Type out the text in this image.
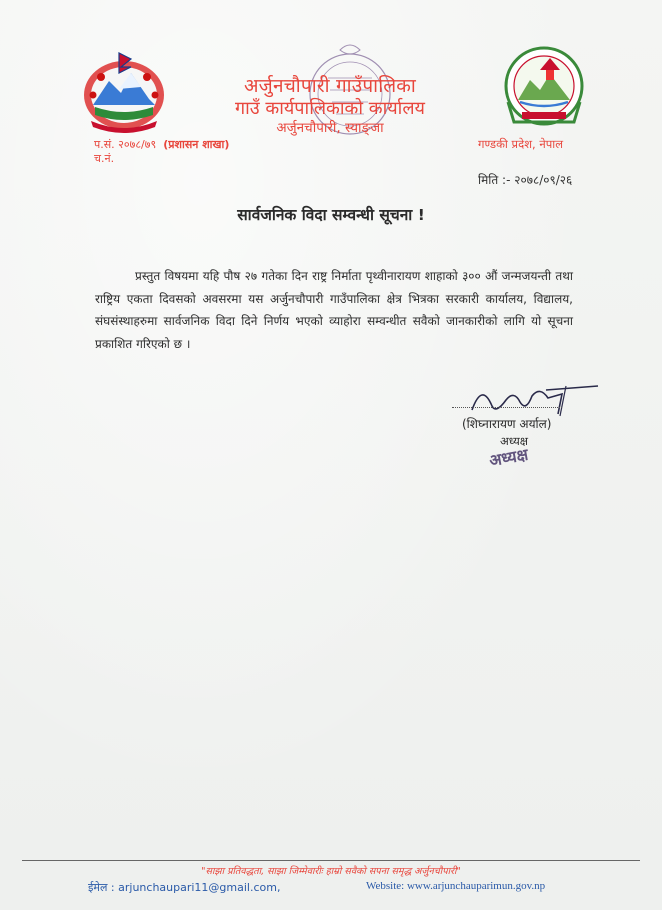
अर्जुनचौपारी गाउँपालिका
गाउँ कार्यपालिकाको कार्यालय
अर्जुनचौपारी, स्याङ्जा
प.सं. २०७८/७९ (प्रशासन शाखा)
च.नं.
गण्डकी प्रदेश, नेपाल
मिति :- २०७८/०९/२६
सार्वजनिक विदा सम्वन्धी सूचना !
प्रस्तुत विषयमा यहि पौष २७ गतेका दिन राष्ट्र निर्माता पृथ्वीनारायण शाहाको ३०० औं जन्मजयन्ती तथा राष्ट्रिय एकता दिवसको अवसरमा यस अर्जुनचौपारी गाउँपालिका क्षेत्र भित्रका सरकारी कार्यालय, विद्यालय, संघसंस्थाहरुमा सार्वजनिक विदा दिने निर्णय भएको व्याहोरा सम्वन्धीत सवैको जानकारीको लागि यो सूचना प्रकाशित गरिएको छ ।
(शिघ्नारायण अर्याल)
अध्यक्ष
अध्यक्ष
"साझा प्रतिवद्धता, साझा जिम्मेवारीः हाम्रो सवैको सपना समृद्ध अर्जुनचौपारी"
ईमेल : arjunchaupari11@gmail.com,	Website: www.arjunchauparimun.gov.np
